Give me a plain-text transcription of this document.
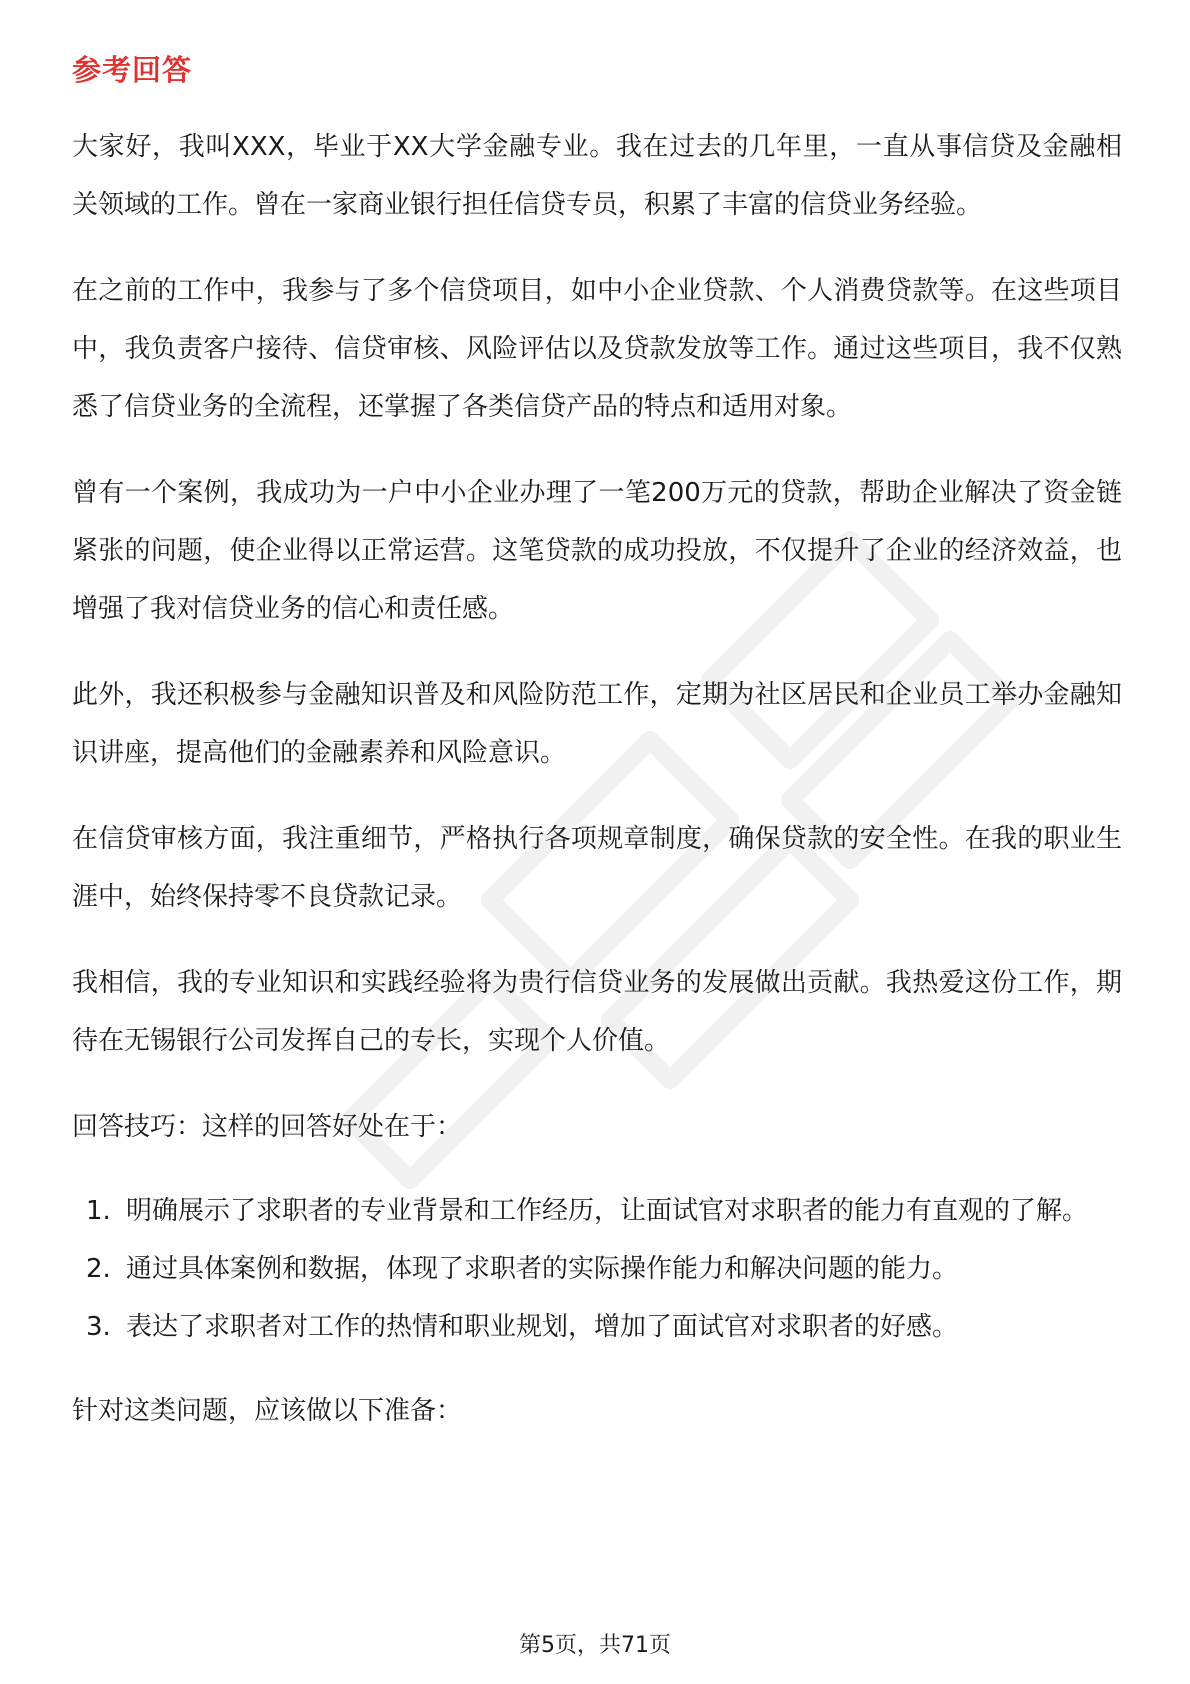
参考回答

大家好，我叫XXX，毕业于XX大学金融专业。我在过去的几年里，一直从事信贷及金融相关领域的工作。曾在一家商业银行担任信贷专员，积累了丰富的信贷业务经验。

在之前的工作中，我参与了多个信贷项目，如中小企业贷款、个人消费贷款等。在这些项目中，我负责客户接待、信贷审核、风险评估以及贷款发放等工作。通过这些项目，我不仅熟悉了信贷业务的全流程，还掌握了各类信贷产品的特点和适用对象。

曾有一个案例，我成功为一户中小企业办理了一笔200万元的贷款，帮助企业解决了资金链紧张的问题，使企业得以正常运营。这笔贷款的成功投放，不仅提升了企业的经济效益，也增强了我对信贷业务的信心和责任感。

此外，我还积极参与金融知识普及和风险防范工作，定期为社区居民和企业员工举办金融知识讲座，提高他们的金融素养和风险意识。

在信贷审核方面，我注重细节，严格执行各项规章制度，确保贷款的安全性。在我的职业生涯中，始终保持零不良贷款记录。

我相信，我的专业知识和实践经验将为贵行信贷业务的发展做出贡献。我热爱这份工作，期待在无锡银行公司发挥自己的专长，实现个人价值。

回答技巧：这样的回答好处在于：

1. 明确展示了求职者的专业背景和工作经历，让面试官对求职者的能力有直观的了解。
2. 通过具体案例和数据，体现了求职者的实际操作能力和解决问题的能力。
3. 表达了求职者对工作的热情和职业规划，增加了面试官对求职者的好感。

针对这类问题，应该做以下准备：

第5页，共71页
